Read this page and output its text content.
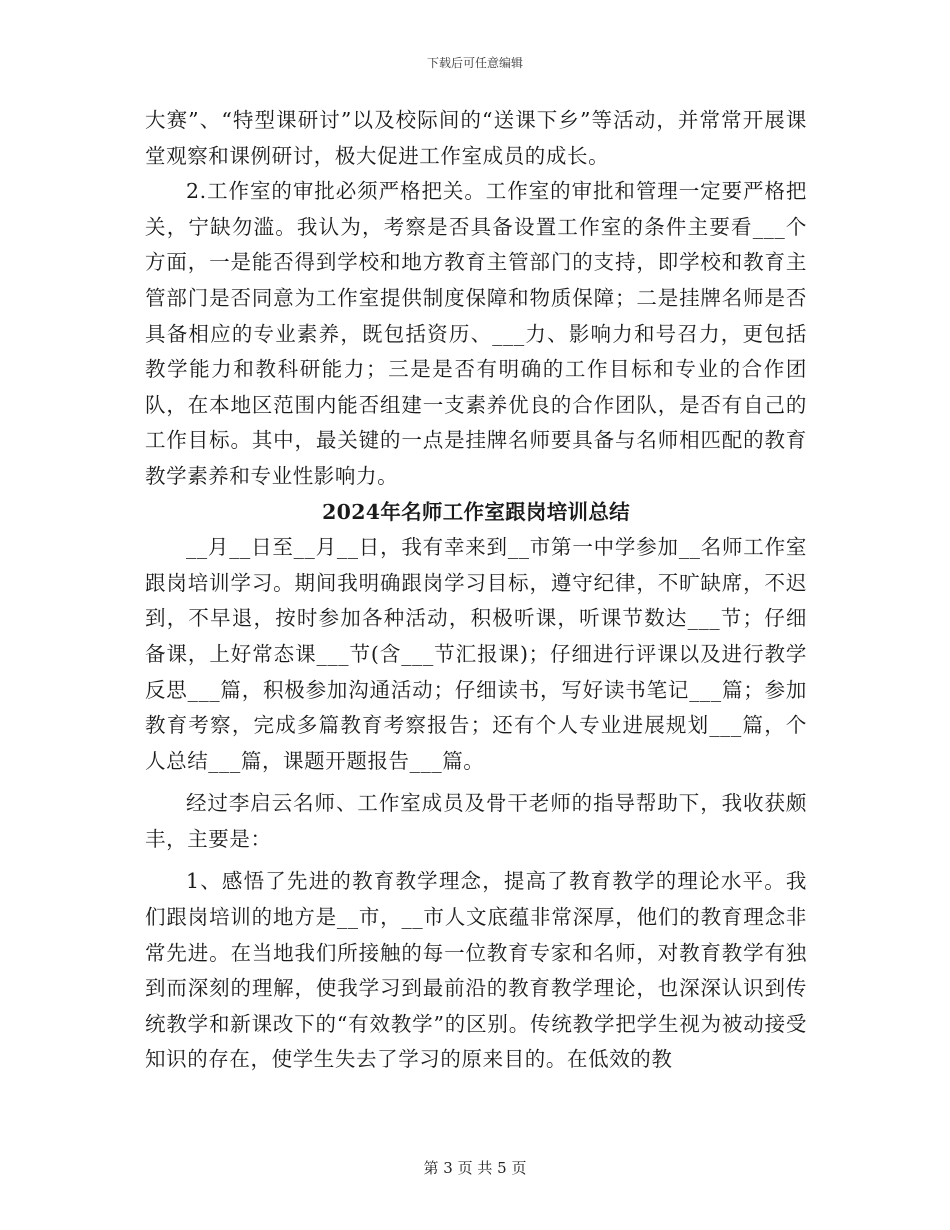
下载后可任意编辑

大赛”、“特型课研讨”以及校际间的“送课下乡”等活动，并常常开展课堂观察和课例研讨，极大促进工作室成员的成长。

2.工作室的审批必须严格把关。工作室的审批和管理一定要严格把关，宁缺勿滥。我认为，考察是否具备设置工作室的条件主要看___个方面，一是能否得到学校和地方教育主管部门的支持，即学校和教育主管部门是否同意为工作室提供制度保障和物质保障；二是挂牌名师是否具备相应的专业素养，既包括资历、___力、影响力和号召力，更包括教学能力和教科研能力；三是是否有明确的工作目标和专业的合作团队，在本地区范围内能否组建一支素养优良的合作团队，是否有自己的工作目标。其中，最关键的一点是挂牌名师要具备与名师相匹配的教育教学素养和专业性影响力。

2024年名师工作室跟岗培训总结

__月__日至__月__日，我有幸来到__市第一中学参加__名师工作室跟岗培训学习。期间我明确跟岗学习目标，遵守纪律，不旷缺席，不迟到，不早退，按时参加各种活动，积极听课，听课节数达___节；仔细备课，上好常态课___节(含___节汇报课)；仔细进行评课以及进行教学反思___篇，积极参加沟通活动；仔细读书，写好读书笔记___篇；参加教育考察，完成多篇教育考察报告；还有个人专业进展规划___篇，个人总结___篇，课题开题报告___篇。

经过李启云名师、工作室成员及骨干老师的指导帮助下，我收获颇丰，主要是：

1、感悟了先进的教育教学理念，提高了教育教学的理论水平。我们跟岗培训的地方是__市，__市人文底蕴非常深厚，他们的教育理念非常先进。在当地我们所接触的每一位教育专家和名师，对教育教学有独到而深刻的理解，使我学习到最前沿的教育教学理论，也深深认识到传统教学和新课改下的“有效教学”的区别。传统教学把学生视为被动接受知识的存在，使学生失去了学习的原来目的。在低效的教

第 3 页 共 5 页
